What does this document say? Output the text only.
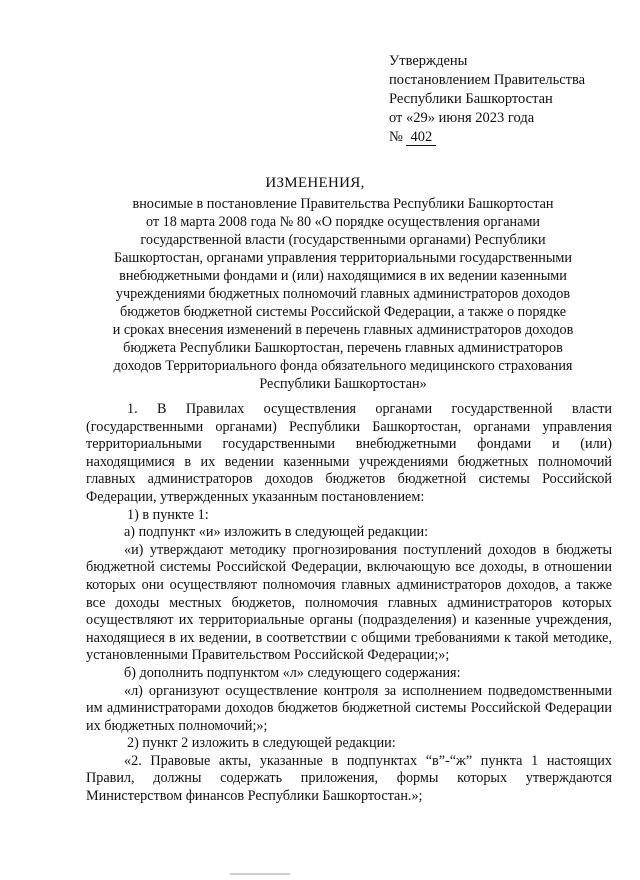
Утверждены
постановлением Правительства
Республики Башкортостан
от «29» июня 2023 года
№ 402
ИЗМЕНЕНИЯ,
вносимые в постановление Правительства Республики Башкортостан
от 18 марта 2008 года № 80 «О порядке осуществления органами
государственной власти (государственными органами) Республики
Башкортостан, органами управления территориальными государственными
внебюджетными фондами и (или) находящимися в их ведении казенными
учреждениями бюджетных полномочий главных администраторов доходов
бюджетов бюджетной системы Российской Федерации, а также о порядке
и сроках внесения изменений в перечень главных администраторов доходов
бюджета Республики Башкортостан, перечень главных администраторов
доходов Территориального фонда обязательного медицинского страхования
Республики Башкортостан»

1. В Правилах осуществления органами государственной власти (государственными органами) Республики Башкортостан, органами управления территориальными государственными внебюджетными фондами и (или) находящимися в их ведении казенными учреждениями бюджетных полномочий главных администраторов доходов бюджетов бюджетной системы Российской Федерации, утвержденных указанным постановлением:

1) в пункте 1:

а) подпункт «и» изложить в следующей редакции:

«и) утверждают методику прогнозирования поступлений доходов в бюджеты бюджетной системы Российской Федерации, включающую все доходы, в отношении которых они осуществляют полномочия главных администраторов доходов, а также все доходы местных бюджетов, полномочия главных администраторов которых осуществляют их территориальные органы (подразделения) и казенные учреждения, находящиеся в их ведении, в соответствии с общими требованиями к такой методике, установленными Правительством Российской Федерации;»;

б) дополнить подпунктом «л» следующего содержания:

«л) организуют осуществление контроля за исполнением подведомственными им администраторами доходов бюджетов бюджетной системы Российской Федерации их бюджетных полномочий;»;

2) пункт 2 изложить в следующей редакции:

«2. Правовые акты, указанные в подпунктах “в”-“ж” пункта 1 настоящих Правил, должны содержать приложения, формы которых утверждаются Министерством финансов Республики Башкортостан.»;
